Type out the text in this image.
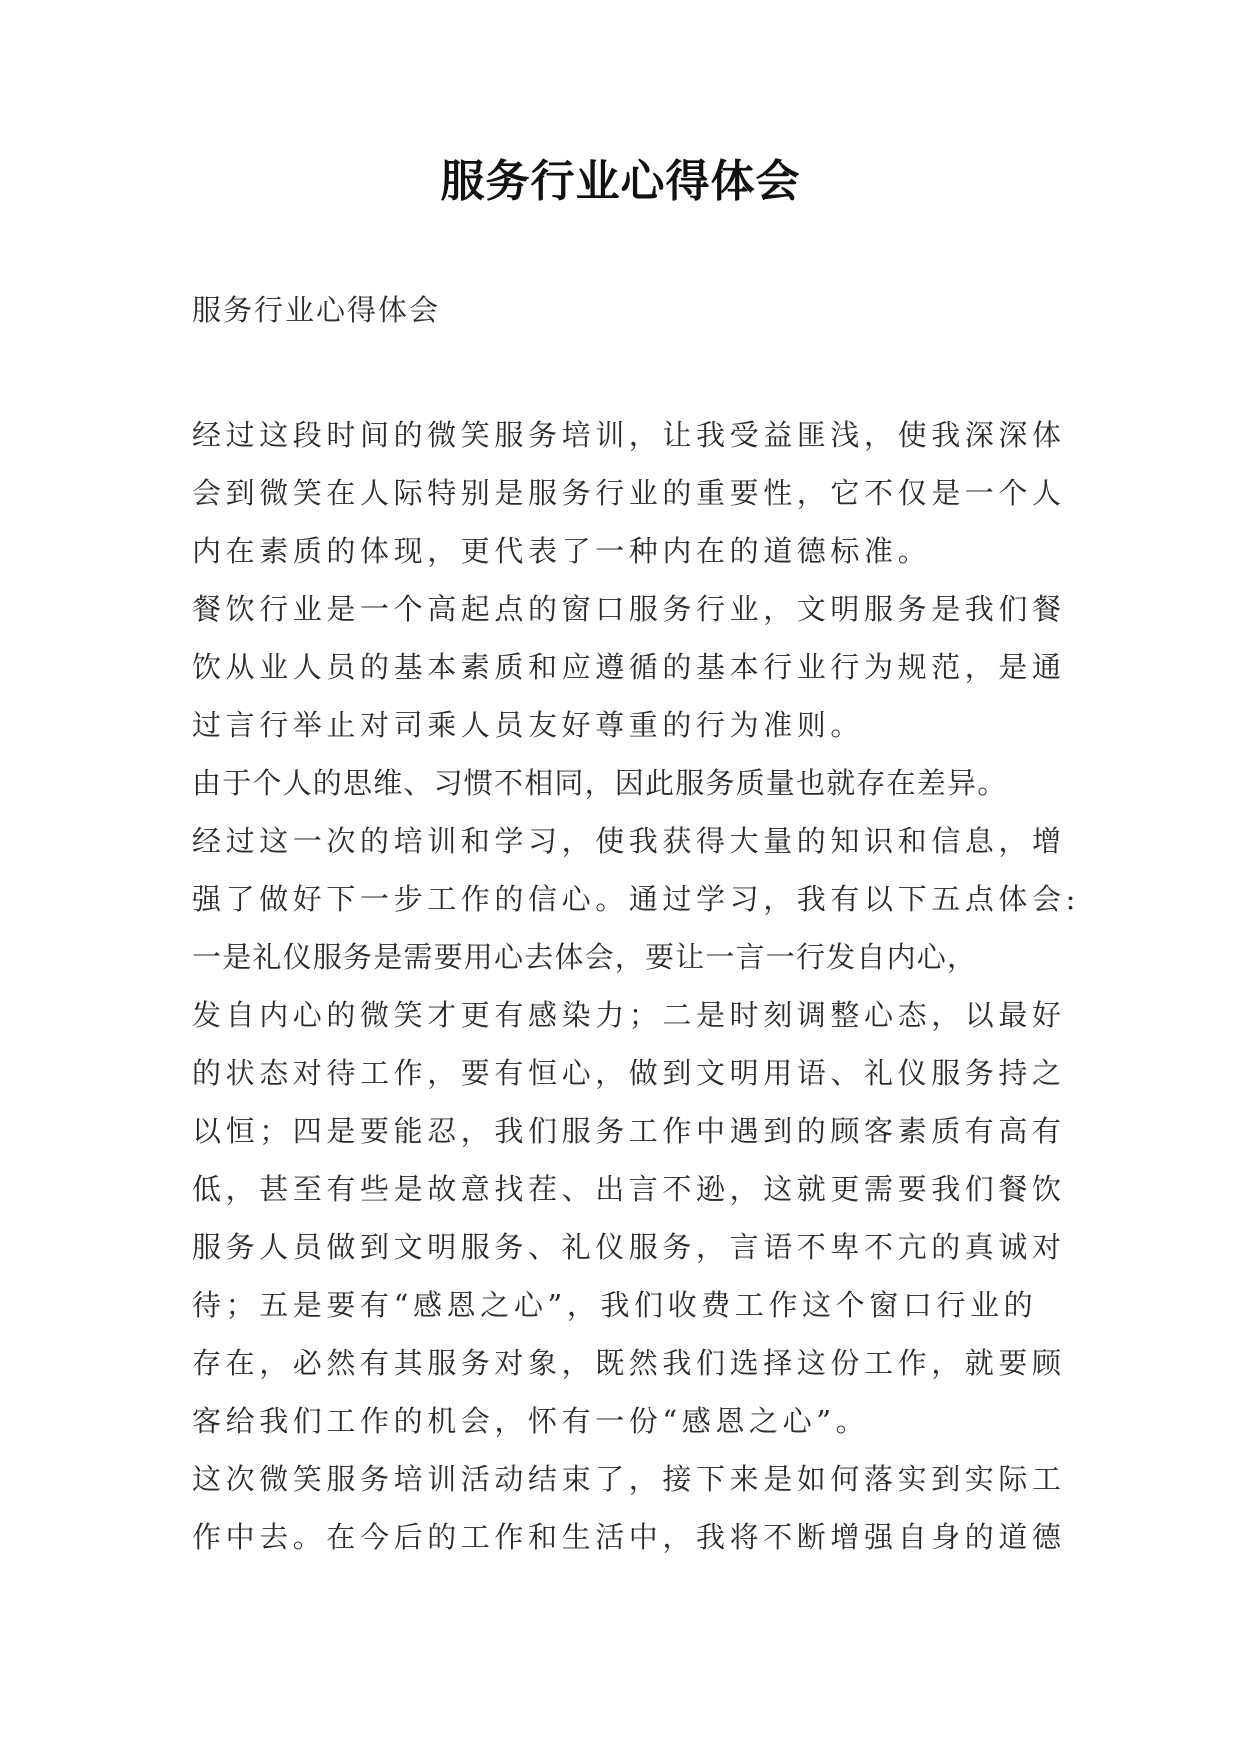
服务行业心得体会
服务行业心得体会
经过这段时间的微笑服务培训，让我受益匪浅，使我深深体
会到微笑在人际特别是服务行业的重要性，它不仅是一个人
内在素质的体现，更代表了一种内在的道德标准。
餐饮行业是一个高起点的窗口服务行业，文明服务是我们餐
饮从业人员的基本素质和应遵循的基本行业行为规范，是通
过言行举止对司乘人员友好尊重的行为准则。
由于个人的思维、习惯不相同，因此服务质量也就存在差异。
经过这一次的培训和学习，使我获得大量的知识和信息，增
强了做好下一步工作的信心。通过学习，我有以下五点体会:
一是礼仪服务是需要用心去体会，要让一言一行发自内心，
发自内心的微笑才更有感染力；二是时刻调整心态，以最好
的状态对待工作，要有恒心，做到文明用语、礼仪服务持之
以恒；四是要能忍，我们服务工作中遇到的顾客素质有高有
低，甚至有些是故意找茬、出言不逊，这就更需要我们餐饮
服务人员做到文明服务、礼仪服务，言语不卑不亢的真诚对
待；五是要有“感恩之心”，我们收费工作这个窗口行业的
存在，必然有其服务对象，既然我们选择这份工作，就要顾
客给我们工作的机会，怀有一份“感恩之心”。
这次微笑服务培训活动结束了，接下来是如何落实到实际工
作中去。在今后的工作和生活中，我将不断增强自身的道德
